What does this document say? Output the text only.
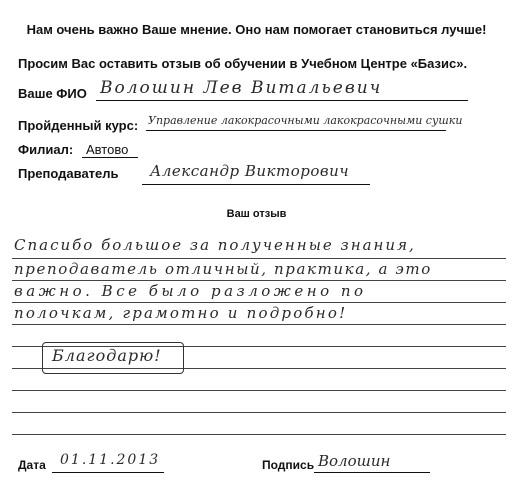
Нам очень важно Ваше мнение. Оно нам помогает становиться лучше!
Просим Вас оставить отзыв об обучении в Учебном Центре «Базис».
Ваше ФИО Волошин Лев Витальевич
Пройденный курс: Управление лакокрасочными лакокрасочными сушки
Филиал: Автово
Преподаватель Александр Викторович
Ваш отзыв
Спасибо большое за полученные знания,
преподаватель отличный, практика, а это
важно. Все было разложено по
полочкам, грамотно и подробно!
Благодарю!
Дата 01.11.2013	Подпись Волошин
